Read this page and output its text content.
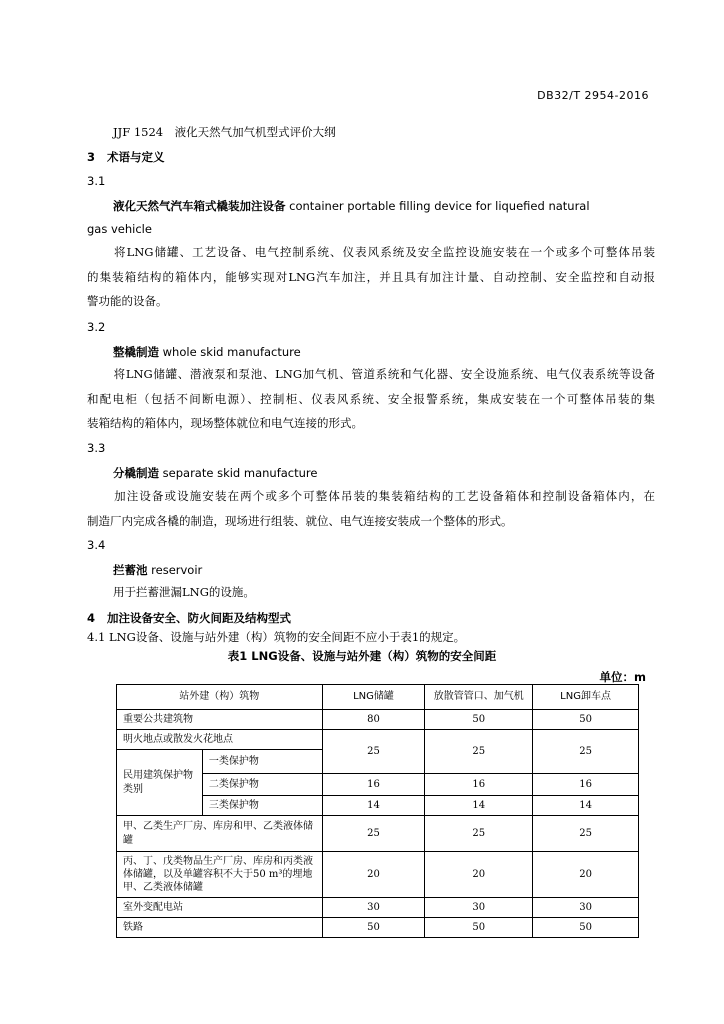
DB32/T 2954-2016
JJF 1524　液化天然气加气机型式评价大纲
3 术语与定义
3.1
液化天然气汽车箱式橇装加注设备 container portable filling device for liquefied natural
gas vehicle
将LNG储罐、工艺设备、电气控制系统、仪表风系统及安全监控设施安装在一个或多个可整体吊装
的集装箱结构的箱体内，能够实现对LNG汽车加注，并且具有加注计量、自动控制、安全监控和自动报
警功能的设备。
3.2
整橇制造 whole skid manufacture
将LNG储罐、潜液泵和泵池、LNG加气机、管道系统和气化器、安全设施系统、电气仪表系统等设备
和配电柜（包括不间断电源）、控制柜、仪表风系统、安全报警系统，集成安装在一个可整体吊装的集
装箱结构的箱体内，现场整体就位和电气连接的形式。
3.3
分橇制造 separate skid manufacture
加注设备或设施安装在两个或多个可整体吊装的集装箱结构的工艺设备箱体和控制设备箱体内，在
制造厂内完成各橇的制造，现场进行组装、就位、电气连接安装成一个整体的形式。
3.4
拦蓄池 reservoir
用于拦蓄泄漏LNG的设施。
4 加注设备安全、防火间距及结构型式
4.1 LNG设备、设施与站外建（构）筑物的安全间距不应小于表1的规定。
表1 LNG设备、设施与站外建（构）筑物的安全间距
单位：m
站外建（构）筑物		LNG储罐	放散管管口、加气机	LNG卸车点
重要公共建筑物		80	50	50
明火地点或散发火花地点		25	25	25
民用建筑保护物类别	一类保护物			
	二类保护物	16	16	16
	三类保护物	14	14	14
甲、乙类生产厂房、库房和甲、乙类液体储罐		25	25	25
丙、丁、戊类物品生产厂房、库房和丙类液体储罐，以及单罐容积不大于50 m³的埋地甲、乙类液体储罐		20	20	20
室外变配电站		30	30	30
铁路		50	50	50
